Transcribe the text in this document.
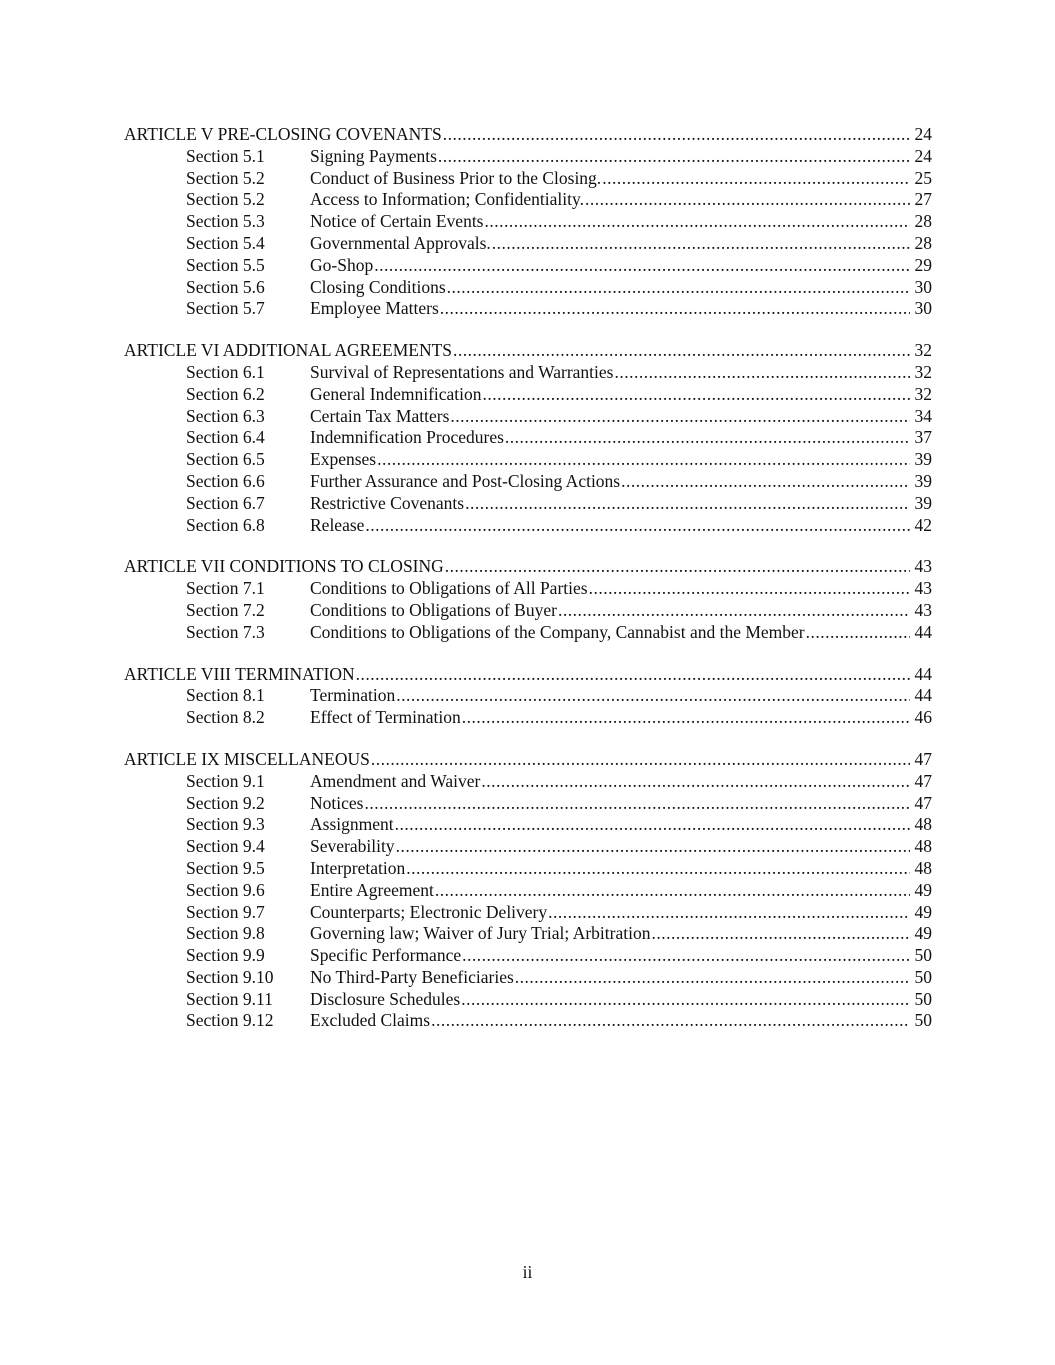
ARTICLE V PRE-CLOSING COVENANTS .....	24
Section 5.1	Signing Payments .....	24
Section 5.2	Conduct of Business Prior to the Closing. .....	25
Section 5.2	Access to Information; Confidentiality. .....	27
Section 5.3	Notice of Certain Events .....	28
Section 5.4	Governmental Approvals. .....	28
Section 5.5	Go-Shop .....	29
Section 5.6	Closing Conditions .....	30
Section 5.7	Employee Matters .....	30
ARTICLE VI ADDITIONAL AGREEMENTS .....	32
Section 6.1	Survival of Representations and Warranties .....	32
Section 6.2	General Indemnification .....	32
Section 6.3	Certain Tax Matters .....	34
Section 6.4	Indemnification Procedures .....	37
Section 6.5	Expenses .....	39
Section 6.6	Further Assurance and Post-Closing Actions .....	39
Section 6.7	Restrictive Covenants .....	39
Section 6.8	Release .....	42
ARTICLE VII CONDITIONS TO CLOSING .....	43
Section 7.1	Conditions to Obligations of All Parties .....	43
Section 7.2	Conditions to Obligations of Buyer .....	43
Section 7.3	Conditions to Obligations of the Company, Cannabist and the Member .....	44
ARTICLE VIII TERMINATION .....	44
Section 8.1	Termination .....	44
Section 8.2	Effect of Termination .....	46
ARTICLE IX MISCELLANEOUS .....	47
Section 9.1	Amendment and Waiver .....	47
Section 9.2	Notices .....	47
Section 9.3	Assignment .....	48
Section 9.4	Severability .....	48
Section 9.5	Interpretation .....	48
Section 9.6	Entire Agreement .....	49
Section 9.7	Counterparts; Electronic Delivery .....	49
Section 9.8	Governing law; Waiver of Jury Trial; Arbitration .....	49
Section 9.9	Specific Performance .....	50
Section 9.10	No Third-Party Beneficiaries .....	50
Section 9.11	Disclosure Schedules .....	50
Section 9.12	Excluded Claims .....	50
ii
